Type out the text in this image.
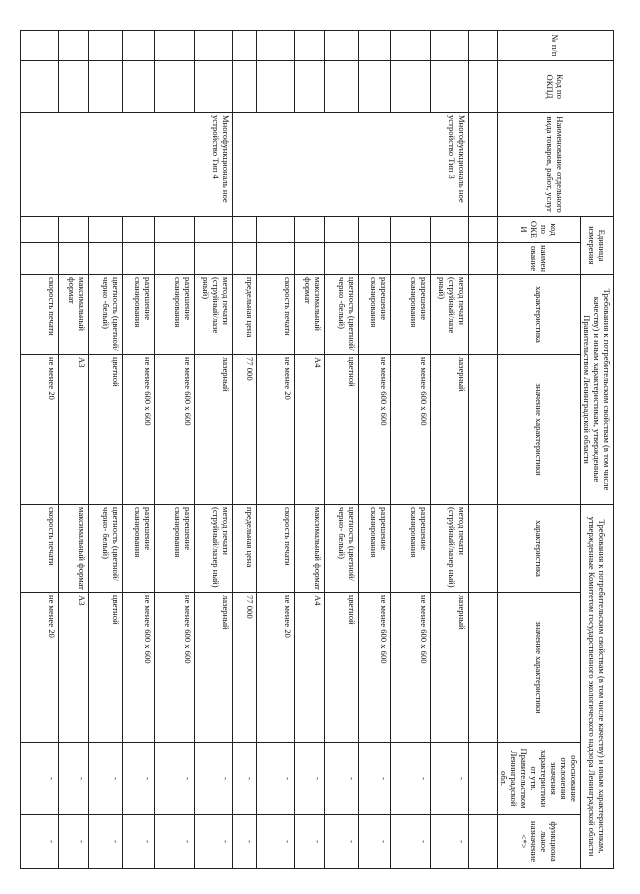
№ п/п	Код по ОКПД	Наименование отдельного вида товаров, работ, услуг	Единица измерения		Требования к потребительским свойствам (в том числе качеству) и иным характеристикам, утвержденные Правительством Ленинградской области		Требования к потребительским свойствам (в том числе качеству) и иным характеристикам, утвержденные Комитетом государственного экологического надзора Ленинградской области			
			код по ОКЕИ	наимен ование	характеристика	значение характеристики	характеристика	значение характеристики	обоснование отклонения значения характеристики от утв. Правительством Ленинградской обл.	функциона льное назначение <*>

		Многофункциональ ное устройство Тип 3			метод печати (струйный/лазе рный)	лазерный	метод печати (струйный/лазер ный)	лазерный	-	-
					разрешение сканирования	не менее 600 x 600	разрешение сканирования	не менее 600 x 600	-	-
					разрешение сканирования	не менее 600 x 600	разрешение сканирования	не менее 600 x 600	-	-
					цветность (цветной/черно -белый)	цветной	цветность (цветной/черно- белый)	цветной	-	-
					максимальный формат	A4	максимальный формат	A4	-	-
					скорость печати	не менее 20	скорость печати	не менее 20	-	-
					предельная цена	77 000	предельная цена	77 000	-	-
		Многофункциональ ное устройство Тип 4			метод печати (струйный/лазе рный)	лазерный	метод печати (струйный/лазер ный)	лазерный	-	-
					разрешение сканирования	не менее 600 x 600	разрешение сканирования	не менее 600 x 600	-	-
					разрешение сканирования	не менее 600 x 600	разрешение сканирования	не менее 600 x 600	-	-
					цветность (цветной/черно -белый)	цветной	цветность (цветной/черно- белый)	цветной	-	-
					максимальный формат	A3	максимальный формат	A3	-	-
					скорость печати	не менее 20	скорость печати	не менее 20	-	-
